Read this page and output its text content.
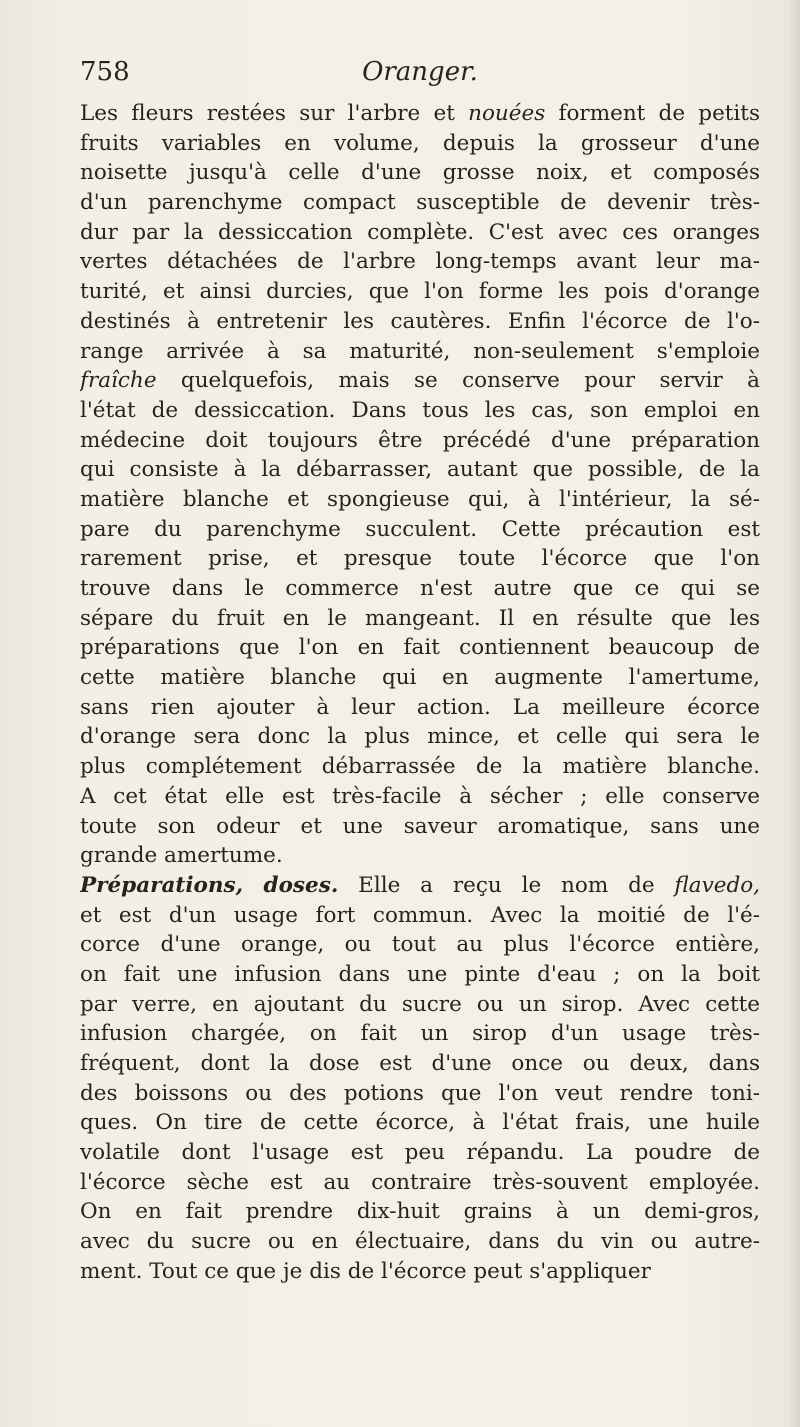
758	Oranger.
Les fleurs restées sur l'arbre et nouées forment de petits
fruits variables en volume, depuis la grosseur d'une
noisette jusqu'à celle d'une grosse noix, et composés
d'un parenchyme compact susceptible de devenir très-
dur par la dessiccation complète. C'est avec ces oranges
vertes détachées de l'arbre long-temps avant leur ma-
turité, et ainsi durcies, que l'on forme les pois d'orange
destinés à entretenir les cautères. Enfin l'écorce de l'o-
range arrivée à sa maturité, non-seulement s'emploie
fraîche quelquefois, mais se conserve pour servir à
l'état de dessiccation. Dans tous les cas, son emploi en
médecine doit toujours être précédé d'une préparation
qui consiste à la débarrasser, autant que possible, de la
matière blanche et spongieuse qui, à l'intérieur, la sé-
pare du parenchyme succulent. Cette précaution est
rarement prise, et presque toute l'écorce que l'on
trouve dans le commerce n'est autre que ce qui se
sépare du fruit en le mangeant. Il en résulte que les
préparations que l'on en fait contiennent beaucoup de
cette matière blanche qui en augmente l'amertume,
sans rien ajouter à leur action. La meilleure écorce
d'orange sera donc la plus mince, et celle qui sera le
plus complétement débarrassée de la matière blanche.
A cet état elle est très-facile à sécher ; elle conserve
toute son odeur et une saveur aromatique, sans une
grande amertume.
Préparations, doses. Elle a reçu le nom de flavedo,
et est d'un usage fort commun. Avec la moitié de l'é-
corce d'une orange, ou tout au plus l'écorce entière,
on fait une infusion dans une pinte d'eau ; on la boit
par verre, en ajoutant du sucre ou un sirop. Avec cette
infusion chargée, on fait un sirop d'un usage très-
fréquent, dont la dose est d'une once ou deux, dans
des boissons ou des potions que l'on veut rendre toni-
ques. On tire de cette écorce, à l'état frais, une huile
volatile dont l'usage est peu répandu. La poudre de
l'écorce sèche est au contraire très-souvent employée.
On en fait prendre dix-huit grains à un demi-gros,
avec du sucre ou en électuaire, dans du vin ou autre-
ment. Tout ce que je dis de l'écorce peut s'appliquer
